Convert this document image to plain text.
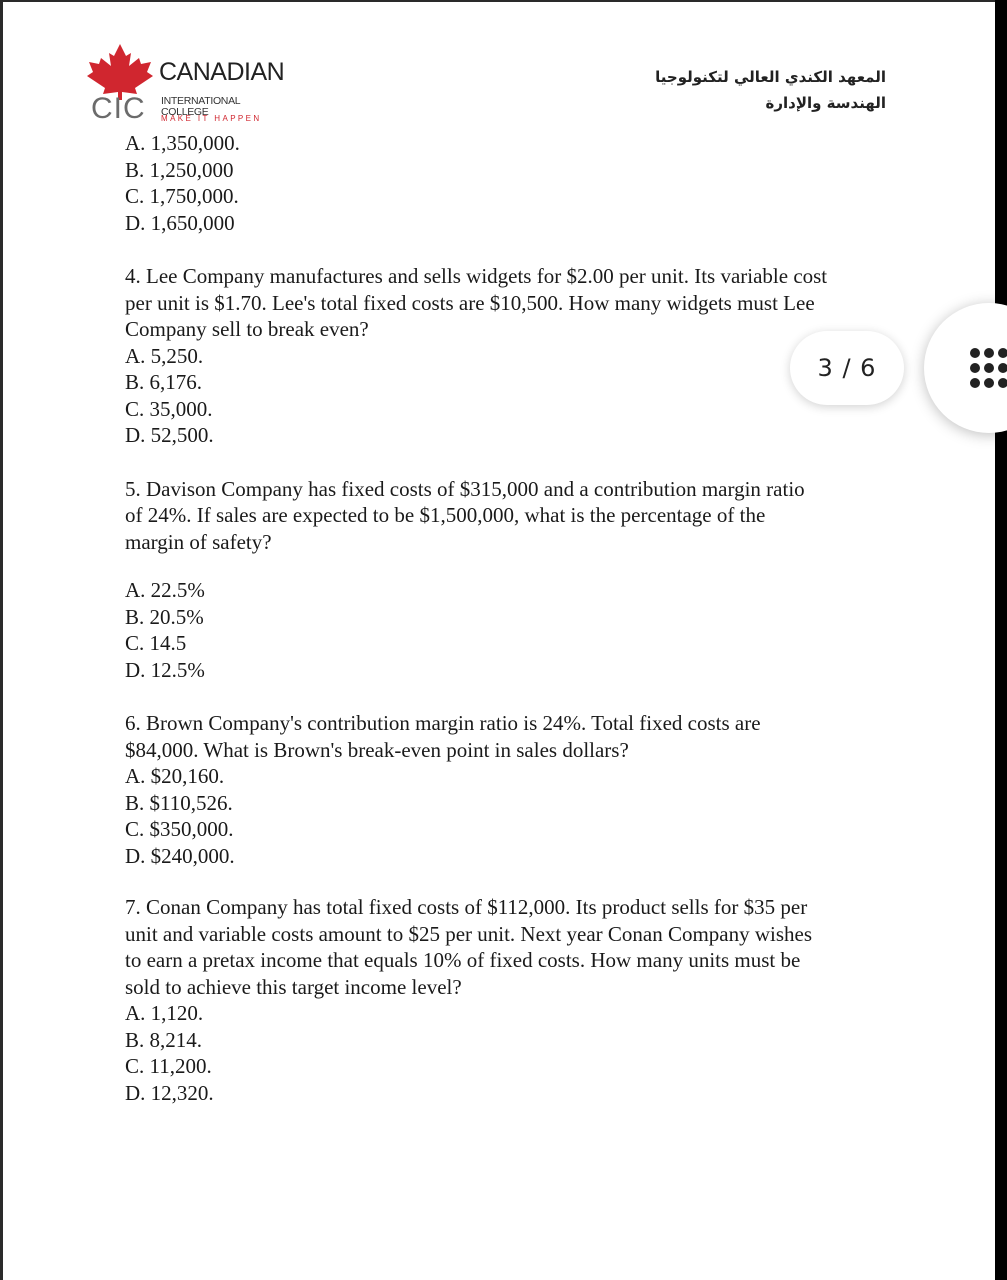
CIC
CANADIAN
INTERNATIONAL COLLEGE
MAKE IT HAPPEN
المعهد الكندي العالي لتكنولوجيا
الهندسة والإدارة
A. 1,350,000.
B. 1,250,000
C. 1,750,000.
D. 1,650,000
4. Lee Company manufactures and sells widgets for $2.00 per unit. Its variable cost
per unit is $1.70. Lee's total fixed costs are $10,500. How many widgets must Lee
Company sell to break even?
A. 5,250.
B. 6,176.
C. 35,000.
D. 52,500.
5. Davison Company has fixed costs of $315,000 and a contribution margin ratio
of 24%. If sales are expected to be $1,500,000, what is the percentage of the
margin of safety?
A. 22.5%
B. 20.5%
C. 14.5
D. 12.5%
6. Brown Company's contribution margin ratio is 24%. Total fixed costs are
$84,000. What is Brown's break-even point in sales dollars?
A. $20,160.
B. $110,526.
C. $350,000.
D. $240,000.
7. Conan Company has total fixed costs of $112,000. Its product sells for $35 per
unit and variable costs amount to $25 per unit. Next year Conan Company wishes
to earn a pretax income that equals 10% of fixed costs. How many units must be
sold to achieve this target income level?
A. 1,120.
B. 8,214.
C. 11,200.
D. 12,320.
3 / 6
